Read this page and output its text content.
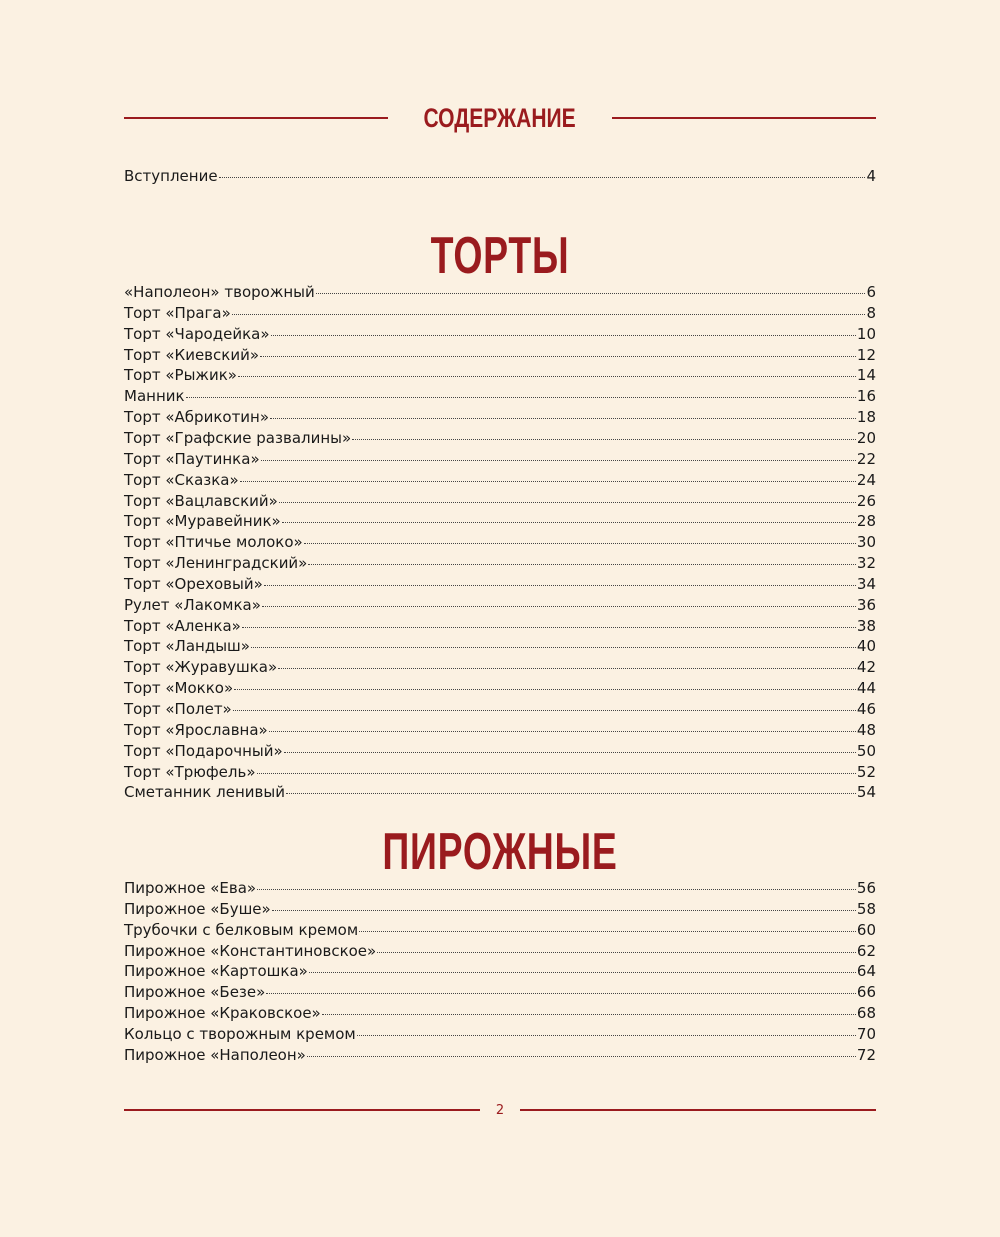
СОДЕРЖАНИЕ
Вступление	4
ТОРТЫ
«Наполеон» творожный	6
Торт «Прага»	8
Торт «Чародейка»	10
Торт «Киевский»	12
Торт «Рыжик»	14
Манник	16
Торт «Абрикотин»	18
Торт «Графские развалины»	20
Торт «Паутинка»	22
Торт «Сказка»	24
Торт «Вацлавский»	26
Торт «Муравейник»	28
Торт «Птичье молоко»	30
Торт «Ленинградский»	32
Торт «Ореховый»	34
Рулет «Лакомка»	36
Торт «Аленка»	38
Торт «Ландыш»	40
Торт «Журавушка»	42
Торт «Мокко»	44
Торт «Полет»	46
Торт «Ярославна»	48
Торт «Подарочный»	50
Торт «Трюфель»	52
Сметанник ленивый	54
ПИРОЖНЫЕ
Пирожное «Ева»	56
Пирожное «Буше»	58
Трубочки с белковым кремом	60
Пирожное «Константиновское»	62
Пирожное «Картошка»	64
Пирожное «Безе»	66
Пирожное «Краковское»	68
Кольцо с творожным кремом	70
Пирожное «Наполеон»	72
2
